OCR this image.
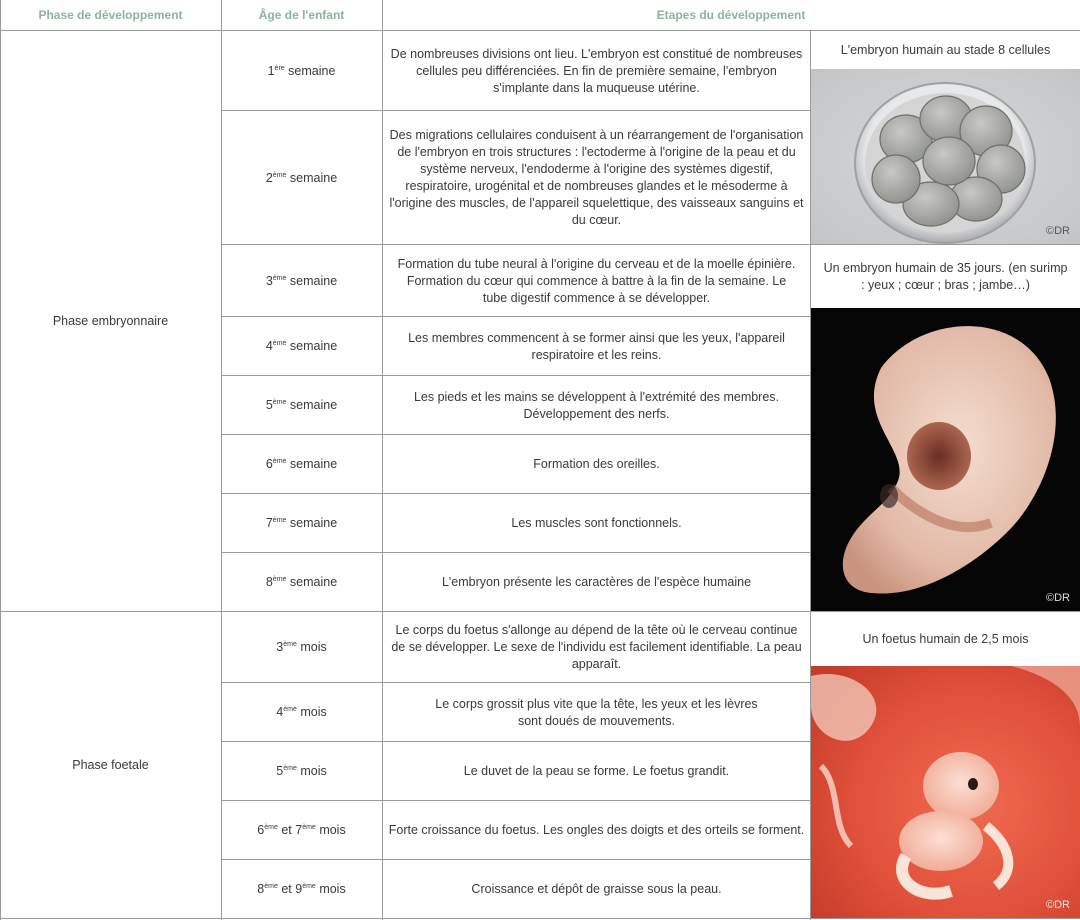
Phase de développement	Âge de l'enfant	Etapes du développement
Phase embryonnaire
Phase foetale
1ère semaine
2ème semaine
3ème semaine
4ème semaine
5ème semaine
6ème semaine
7ème semaine
8ème semaine
3ème mois
4ème mois
5ème mois
6ème et 7ème mois
8ème et 9ème mois
De nombreuses divisions ont lieu. L'embryon est constitué de nombreuses cellules peu différenciées. En fin de première semaine, l'embryon s'implante dans la muqueuse utérine.
Des migrations cellulaires conduisent à un réarrangement de l'organisation de l'embryon en trois structures : l'ectoderme à l'origine de la peau et du système nerveux, l'endoderme à l'origine des systèmes digestif, respiratoire, urogénital et de nombreuses glandes et le mésoderme à l'origine des muscles, de l'appareil squelettique, des vaisseaux sanguins et du cœur.
Formation du tube neural à l'origine du cerveau et de la moelle épinière. Formation du cœur qui commence à battre à la fin de la semaine. Le tube digestif commence à se développer.
Les membres commencent à se former ainsi que les yeux, l'appareil respiratoire et les reins.
Les pieds et les mains se développent à l'extrémité des membres. Développement des nerfs.
Formation des oreilles.
Les muscles sont fonctionnels.
L'embryon présente les caractères de l'espèce humaine
Le corps du foetus s'allonge au dépend de la tête où le cerveau continue de se développer. Le sexe de l'individu est facilement identifiable. La peau apparaît.
Le corps grossit plus vite que la tête, les yeux et les lèvres sont doués de mouvements.
Le duvet de la peau se forme. Le foetus grandit.
Forte croissance du foetus. Les ongles des doigts et des orteils se forment.
Croissance et dépôt de graisse sous la peau.
L'embryon humain au stade 8 cellules
©DR
Un embryon humain de 35 jours. (en surimp : yeux ; cœur ; bras ; jambe…)
©DR
Un foetus humain de 2,5 mois
©DR
